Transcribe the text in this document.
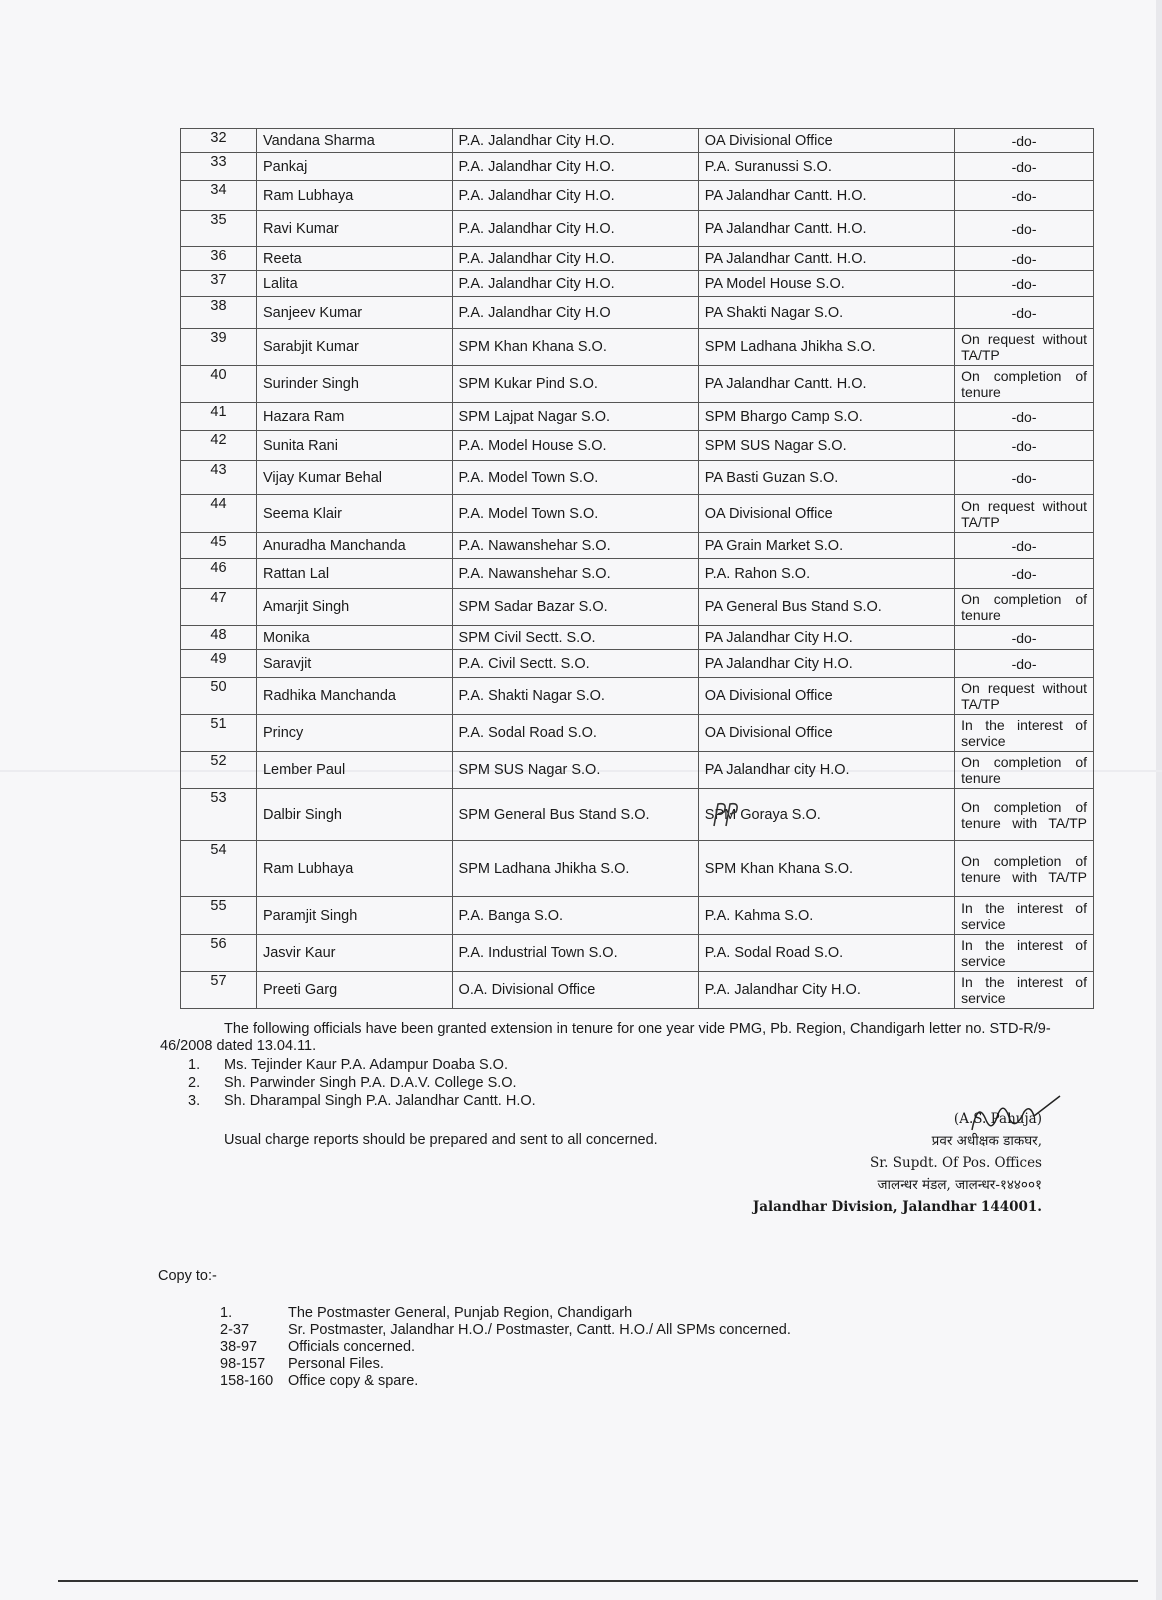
32	Vandana Sharma	P.A. Jalandhar City H.O.	OA Divisional Office	-do-
33	Pankaj	P.A. Jalandhar City H.O.	P.A. Suranussi S.O.	-do-
34	Ram Lubhaya	P.A. Jalandhar City H.O.	PA Jalandhar Cantt. H.O.	-do-
35	Ravi Kumar	P.A. Jalandhar City H.O.	PA Jalandhar Cantt. H.O.	-do-
36	Reeta	P.A. Jalandhar City H.O.	PA Jalandhar Cantt. H.O.	-do-
37	Lalita	P.A. Jalandhar City H.O.	PA Model House S.O.	-do-
38	Sanjeev Kumar	P.A. Jalandhar City H.O	PA Shakti Nagar S.O.	-do-
39	Sarabjit Kumar	SPM Khan Khana S.O.	SPM Ladhana Jhikha S.O.	On request without TA/TP
40	Surinder Singh	SPM Kukar Pind S.O.	PA Jalandhar Cantt. H.O.	On completion of tenure
41	Hazara Ram	SPM Lajpat Nagar S.O.	SPM Bhargo Camp S.O.	-do-
42	Sunita Rani	P.A. Model House S.O.	SPM SUS Nagar S.O.	-do-
43	Vijay Kumar Behal	P.A. Model Town S.O.	PA Basti Guzan S.O.	-do-
44	Seema Klair	P.A. Model Town S.O.	OA Divisional Office	On request without TA/TP
45	Anuradha Manchanda	P.A. Nawanshehar S.O.	PA Grain Market S.O.	-do-
46	Rattan Lal	P.A. Nawanshehar S.O.	P.A. Rahon S.O.	-do-
47	Amarjit Singh	SPM Sadar Bazar S.O.	PA General Bus Stand S.O.	On completion of tenure
48	Monika	SPM Civil Sectt. S.O.	PA Jalandhar City H.O.	-do-
49	Saravjit	P.A. Civil Sectt. S.O.	PA Jalandhar City H.O.	-do-
50	Radhika Manchanda	P.A. Shakti Nagar S.O.	OA Divisional Office	On request without TA/TP
51	Princy	P.A. Sodal Road S.O.	OA Divisional Office	In the interest of service
52	Lember Paul	SPM SUS Nagar S.O.	PA Jalandhar city H.O.	On completion of tenure
53	Dalbir Singh	SPM General Bus Stand S.O.	SPM Goraya S.O.	On completion of tenure with TA/TP
54	Ram Lubhaya	SPM Ladhana Jhikha S.O.	SPM Khan Khana S.O.	On completion of tenure with TA/TP
55	Paramjit Singh	P.A. Banga S.O.	P.A. Kahma S.O.	In the interest of service
56	Jasvir Kaur	P.A. Industrial Town S.O.	P.A. Sodal Road S.O.	In the interest of service
57	Preeti Garg	O.A. Divisional Office	P.A. Jalandhar City H.O.	In the interest of service
The following officials have been granted extension in tenure for one year vide PMG, Pb. Region, Chandigarh letter no. STD-R/9-46/2008 dated 13.04.11.
1. Ms. Tejinder Kaur P.A. Adampur Doaba S.O.
2. Sh. Parwinder Singh P.A. D.A.V. College S.O.
3. Sh. Dharampal Singh P.A. Jalandhar Cantt. H.O.
Usual charge reports should be prepared and sent to all concerned.
(A.S. Pahuja)
प्रवर अधीक्षक डाकघर,
Sr. Supdt. Of Pos. Offices
जालन्धर मंडल, जालन्धर-१४४००१
Jalandhar Division, Jalandhar 144001.
Copy to:-
1.	The Postmaster General, Punjab Region, Chandigarh
2-37	Sr. Postmaster, Jalandhar H.O./ Postmaster, Cantt. H.O./ All SPMs concerned.
38-97	Officials concerned.
98-157	Personal Files.
158-160	Office copy & spare.
